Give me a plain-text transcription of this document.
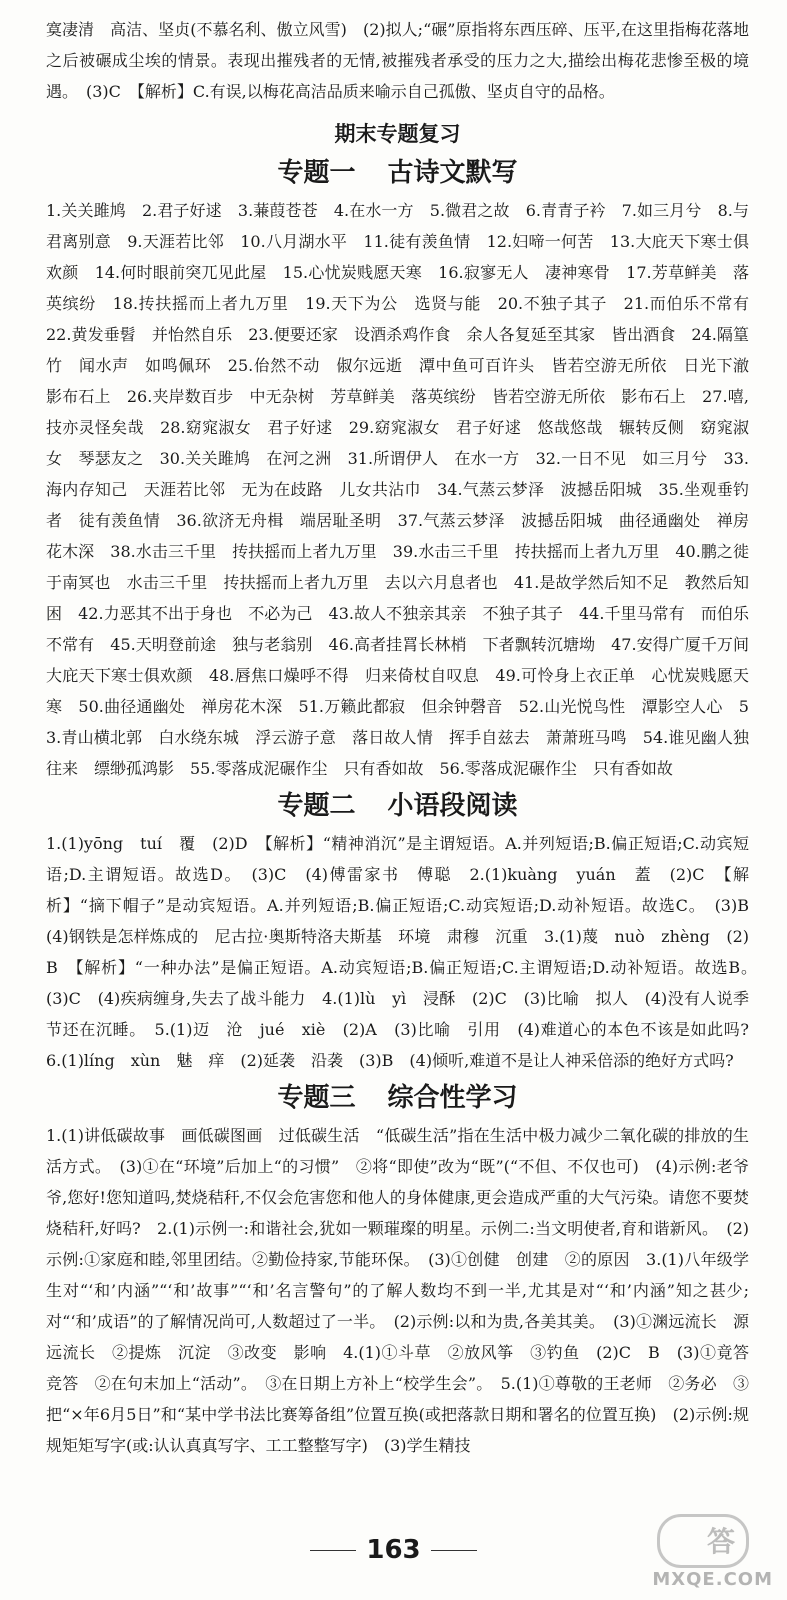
寞凄清　高洁、坚贞(不慕名利、傲立风雪)　(2)拟人;“碾”原指将东西压碎、压平,在这里指梅花落地之后被碾成尘埃的情景。表现出摧残者的无情,被摧残者承受的压力之大,描绘出梅花悲惨至极的境遇。　(3)C　【解析】C.有误,以梅花高洁品质来喻示自己孤傲、坚贞自守的品格。

期末专题复习
专题一 古诗文默写

1.关关雎鸠　2.君子好逑　3.蒹葭苍苍　4.在水一方　5.微君之故　6.青青子衿　7.如三月兮　8.与君离别意　9.天涯若比邻　10.八月湖水平　11.徒有羡鱼情　12.妇啼一何苦　13.大庇天下寒士俱欢颜　14.何时眼前突兀见此屋　15.心忧炭贱愿天寒　16.寂寥无人　凄神寒骨　17.芳草鲜美　落英缤纷　18.抟扶摇而上者九万里　19.天下为公　选贤与能　20.不独子其子　21.而伯乐不常有　22.黄发垂髫　并怡然自乐　23.便要还家　设酒杀鸡作食　余人各复延至其家　皆出酒食　24.隔篁竹　闻水声　如鸣佩环　25.佁然不动　俶尔远逝　潭中鱼可百许头　皆若空游无所依　日光下澈　影布石上　26.夹岸数百步　中无杂树　芳草鲜美　落英缤纷　皆若空游无所依　影布石上　27.嘻,技亦灵怪矣哉　28.窈窕淑女　君子好逑　29.窈窕淑女　君子好逑　悠哉悠哉　辗转反侧　窈窕淑女　琴瑟友之　30.关关雎鸠　在河之洲　31.所谓伊人　在水一方　32.一日不见　如三月兮　33.海内存知己　天涯若比邻　无为在歧路　儿女共沾巾　34.气蒸云梦泽　波撼岳阳城　35.坐观垂钓者　徒有羡鱼情　36.欲济无舟楫　端居耻圣明　37.气蒸云梦泽　波撼岳阳城　曲径通幽处　禅房花木深　38.水击三千里　抟扶摇而上者九万里　39.水击三千里　抟扶摇而上者九万里　40.鹏之徙于南冥也　水击三千里　抟扶摇而上者九万里　去以六月息者也　41.是故学然后知不足　教然后知困　42.力恶其不出于身也　不必为己　43.故人不独亲其亲　不独子其子　44.千里马常有　而伯乐不常有　45.天明登前途　独与老翁别　46.高者挂罥长林梢　下者飘转沉塘坳　47.安得广厦千万间　大庇天下寒士俱欢颜　48.唇焦口燥呼不得　归来倚杖自叹息　49.可怜身上衣正单　心忧炭贱愿天寒　50.曲径通幽处　禅房花木深　51.万籁此都寂　但余钟磬音　52.山光悦鸟性　潭影空人心　53.青山横北郭　白水绕东城　浮云游子意　落日故人情　挥手自兹去　萧萧班马鸣　54.谁见幽人独往来　缥缈孤鸿影　55.零落成泥碾作尘　只有香如故　56.零落成泥碾作尘　只有香如故

专题二 小语段阅读

1.(1)yōng　tuí　覆　(2)D　【解析】“精神消沉”是主谓短语。A.并列短语;B.偏正短语;C.动宾短语;D.主谓短语。故选D。　(3)C　(4)傅雷家书　傅聪　2.(1)kuàng　yuán　蓋　(2)C　【解析】“摘下帽子”是动宾短语。A.并列短语;B.偏正短语;C.动宾短语;D.动补短语。故选C。　(3)B　(4)钢铁是怎样炼成的　尼古拉·奥斯特洛夫斯基　环境　肃穆　沉重　3.(1)蔑　nuò　zhèng　(2)B　【解析】“一种办法”是偏正短语。A.动宾短语;B.偏正短语;C.主谓短语;D.动补短语。故选B。　(3)C　(4)疾病缠身,失去了战斗能力　4.(1)lù　yì　浸酥　(2)C　(3)比喻　拟人　(4)没有人说季节还在沉睡。　5.(1)迈　沧　jué　xiè　(2)A　(3)比喻　引用　(4)难道心的本色不该是如此吗?　6.(1)líng　xùn　魅　痒　(2)延袭　沿袭　(3)B　(4)倾听,难道不是让人神采倍添的绝好方式吗?

专题三 综合性学习

1.(1)讲低碳故事　画低碳图画　过低碳生活　“低碳生活”指在生活中极力减少二氧化碳的排放的生活方式。　(3)①在“环境”后加上“的习惯”　②将“即使”改为“既”(“不但、不仅也可)　(4)示例:老爷爷,您好!您知道吗,焚烧秸秆,不仅会危害您和他人的身体健康,更会造成严重的大气污染。请您不要焚烧秸秆,好吗?　2.(1)示例一:和谐社会,犹如一颗璀璨的明星。示例二:当文明使者,育和谐新风。　(2)示例:①家庭和睦,邻里团结。②勤俭持家,节能环保。　(3)①创健　创建　②的原因　3.(1)八年级学生对“‘和’内涵”“‘和’故事”“‘和’名言警句”的了解人数均不到一半,尤其是对“‘和’内涵”知之甚少;对“‘和’成语”的了解情况尚可,人数超过了一半。　(2)示例:以和为贵,各美其美。　(3)①渊远流长　源远流长　②提炼　沉淀　③改变　影响　4.(1)①斗草　②放风筝　③钓鱼　(2)C　B　(3)①竟答　竞答　②在句末加上“活动”。　③在日期上方补上“校学生会”。　5.(1)①尊敬的王老师　②务必　③把“×年6月5日”和“某中学书法比赛筹备组”位置互换(或把落款日期和署名的位置互换)　(2)示例:规规矩矩写字(或:认认真真写字、工工整整写字)　(3)学生精技

163	答
MXQE.COM
